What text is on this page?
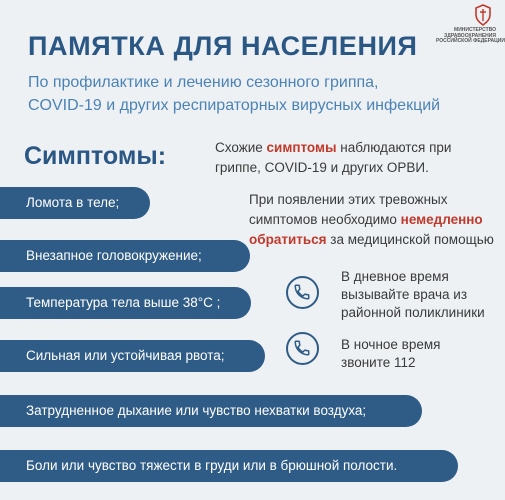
МИНИСТЕРСТВО
ЗДРАВООХРАНЕНИЯ
РОССИЙСКОЙ ФЕДЕРАЦИИ
ПАМЯТКА ДЛЯ НАСЕЛЕНИЯ
По профилактике и лечению сезонного гриппа,
COVID-19 и других респираторных вирусных инфекций
Симптомы:	Схожие симптомы наблюдаются при
гриппе, COVID-19 и других ОРВИ.
При появлении этих тревожных
симптомов необходимо немедленно
обратиться за медицинской помощью
Ломота в теле;
Внезапное головокружение;
Температура тела выше 38°С ;
Сильная или устойчивая рвота;
Затрудненное дыхание или чувство нехватки воздуха;
Боли или чувство тяжести в груди или в брюшной полости.
В дневное время
вызывайте врача из
районной поликлиники
В ночное время
звоните 112
